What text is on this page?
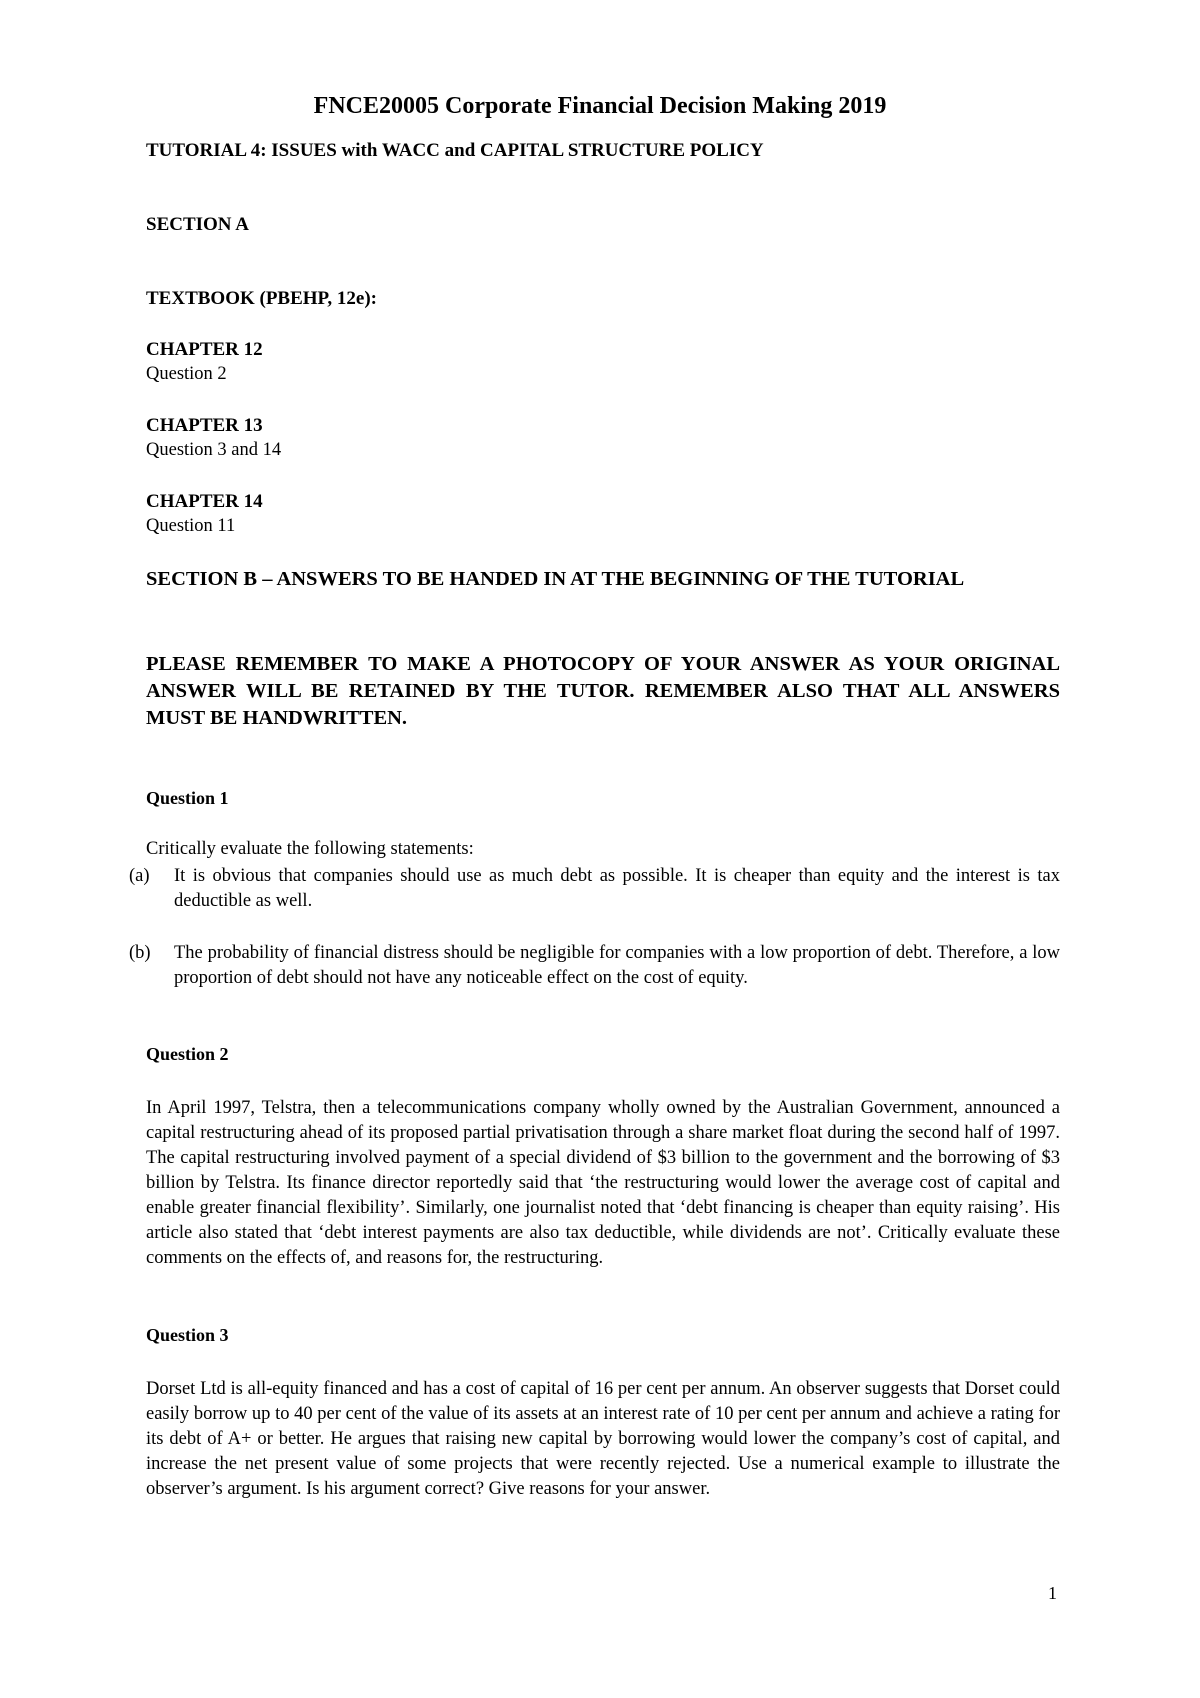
FNCE20005 Corporate Financial Decision Making 2019
TUTORIAL 4: ISSUES with WACC and CAPITAL STRUCTURE POLICY
SECTION A
TEXTBOOK (PBEHP, 12e):
CHAPTER 12
Question 2
CHAPTER 13
Question 3 and 14
CHAPTER 14
Question 11
SECTION B – ANSWERS TO BE HANDED IN AT THE BEGINNING OF THE TUTORIAL
PLEASE REMEMBER TO MAKE A PHOTOCOPY OF YOUR ANSWER AS YOUR ORIGINAL ANSWER WILL BE RETAINED BY THE TUTOR. REMEMBER ALSO THAT ALL ANSWERS MUST BE HANDWRITTEN.
Question 1
Critically evaluate the following statements:
(a) It is obvious that companies should use as much debt as possible. It is cheaper than equity and the interest is tax deductible as well.
(b) The probability of financial distress should be negligible for companies with a low proportion of debt. Therefore, a low proportion of debt should not have any noticeable effect on the cost of equity.
Question 2
In April 1997, Telstra, then a telecommunications company wholly owned by the Australian Government, announced a capital restructuring ahead of its proposed partial privatisation through a share market float during the second half of 1997. The capital restructuring involved payment of a special dividend of $3 billion to the government and the borrowing of $3 billion by Telstra. Its finance director reportedly said that ‘the restructuring would lower the average cost of capital and enable greater financial flexibility’. Similarly, one journalist noted that ‘debt financing is cheaper than equity raising’. His article also stated that ‘debt interest payments are also tax deductible, while dividends are not’. Critically evaluate these comments on the effects of, and reasons for, the restructuring.
Question 3
Dorset Ltd is all-equity financed and has a cost of capital of 16 per cent per annum. An observer suggests that Dorset could easily borrow up to 40 per cent of the value of its assets at an interest rate of 10 per cent per annum and achieve a rating for its debt of A+ or better. He argues that raising new capital by borrowing would lower the company’s cost of capital, and increase the net present value of some projects that were recently rejected. Use a numerical example to illustrate the observer’s argument. Is his argument correct? Give reasons for your answer.
1
